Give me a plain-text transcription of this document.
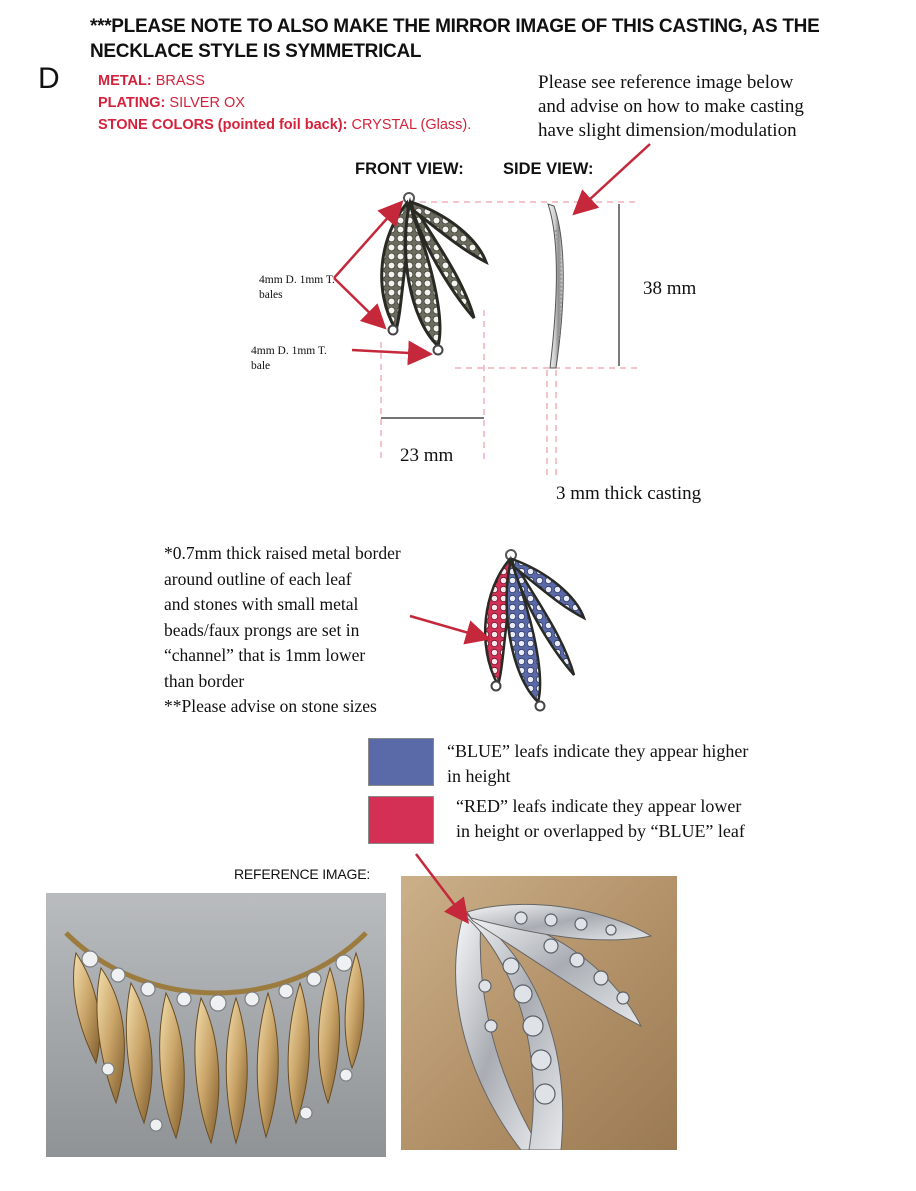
***PLEASE NOTE TO ALSO MAKE THE MIRROR IMAGE OF THIS CASTING, AS THE
NECKLACE STYLE IS SYMMETRICAL
D	METAL: BRASS
PLATING: SILVER OX
STONE COLORS (pointed foil back): CRYSTAL (Glass).
Please see reference image below
and advise on how to make casting
have slight dimension/modulation
FRONT VIEW: SIDE VIEW:
4mm D. 1mm T.
bales
4mm D. 1mm T.
bale
38 mm
23 mm
3 mm thick casting
*0.7mm thick raised metal border
around outline of each leaf
and stones with small metal
beads/faux prongs are set in
“channel” that is 1mm lower
than border
**Please advise on stone sizes
“BLUE” leafs indicate they appear higher
in height
“RED” leafs indicate they appear lower
in height or overlapped by “BLUE” leaf
REFERENCE IMAGE:
